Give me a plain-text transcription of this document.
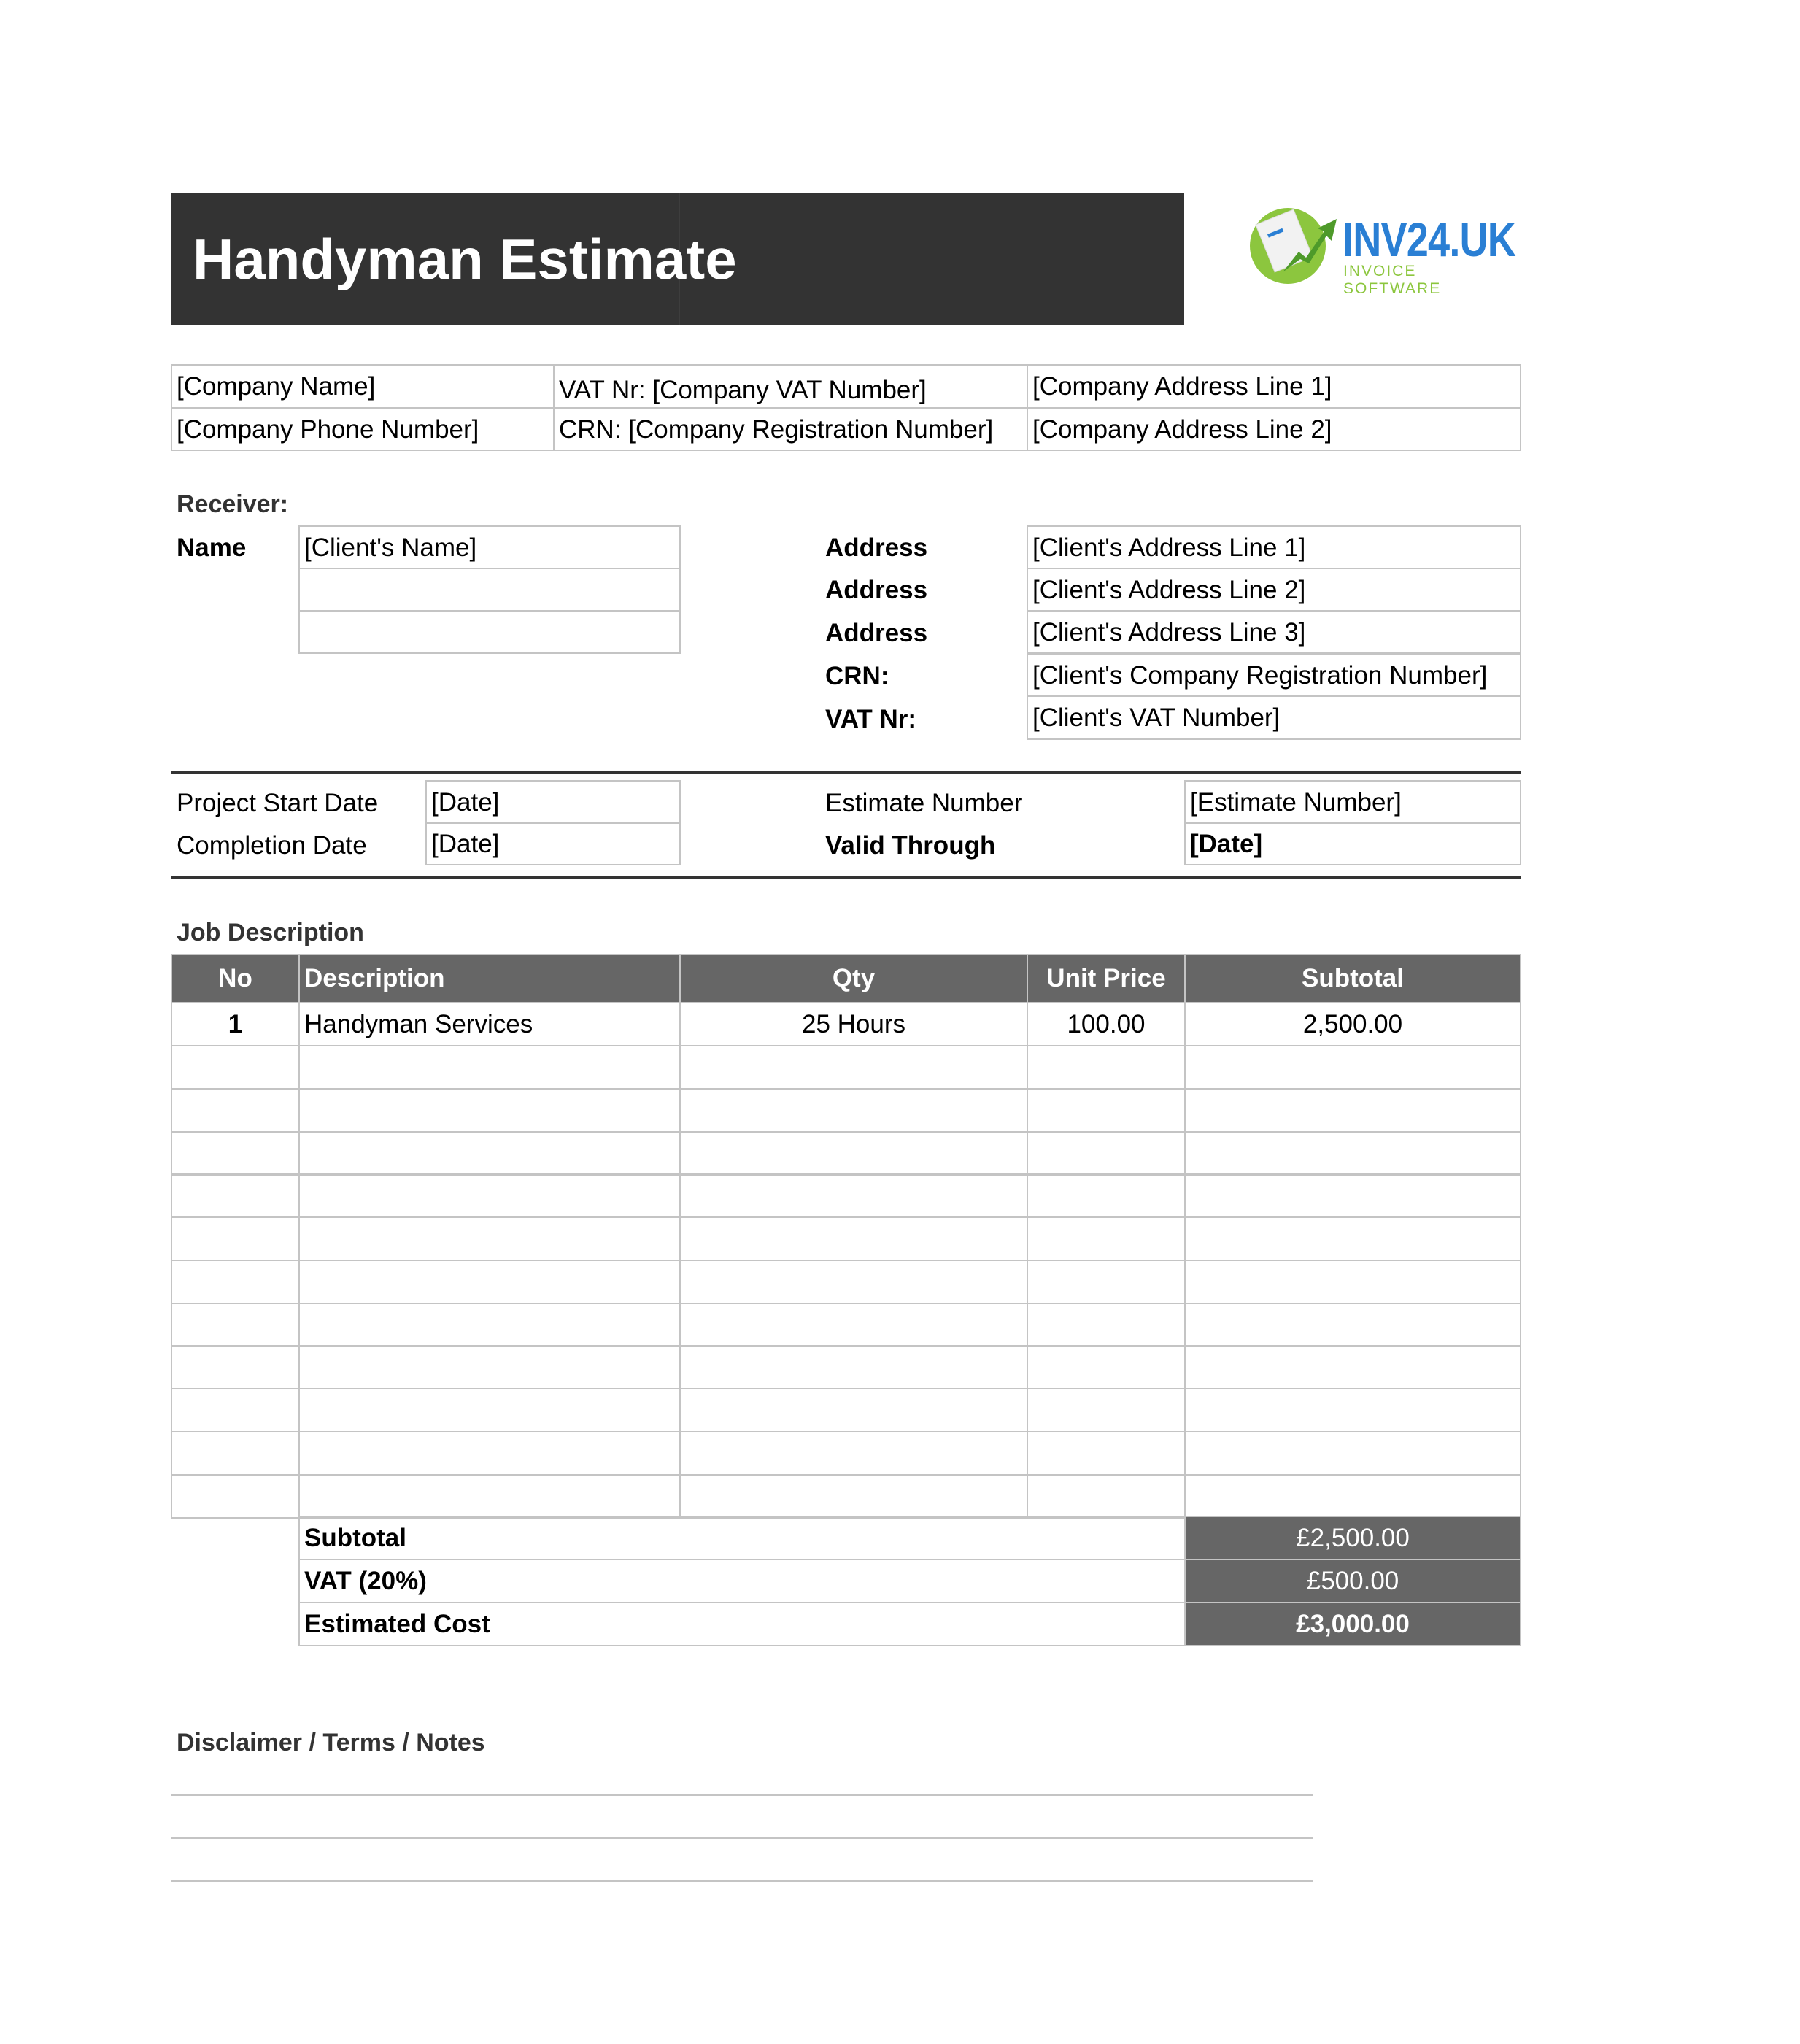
Handyman Estimate	INV24.UK
INVOICE SOFTWARE
[Company Name]	VAT Nr: [Company VAT Number]	[Company Address Line 1]
[Company Phone Number]	CRN: [Company Registration Number]	[Company Address Line 2]
Receiver:
Name [Client's Name]	Address	[Client's Address Line 1]
Address	[Client's Address Line 2]
Address	[Client's Address Line 3]
CRN:	[Client's Company Registration Number]
VAT Nr:	[Client's VAT Number]
Project Start Date [Date]
Completion Date	[Date]
Estimate Number	[Estimate Number]
Valid Through	[Date]
Job Description
No	Description	Qty	Unit Price	Subtotal
1	Handyman Services	25 Hours	100.00	2,500.00
Subtotal	£2,500.00
VAT (20%)	£500.00
Estimated Cost	£3,000.00
Disclaimer / Terms / Notes
